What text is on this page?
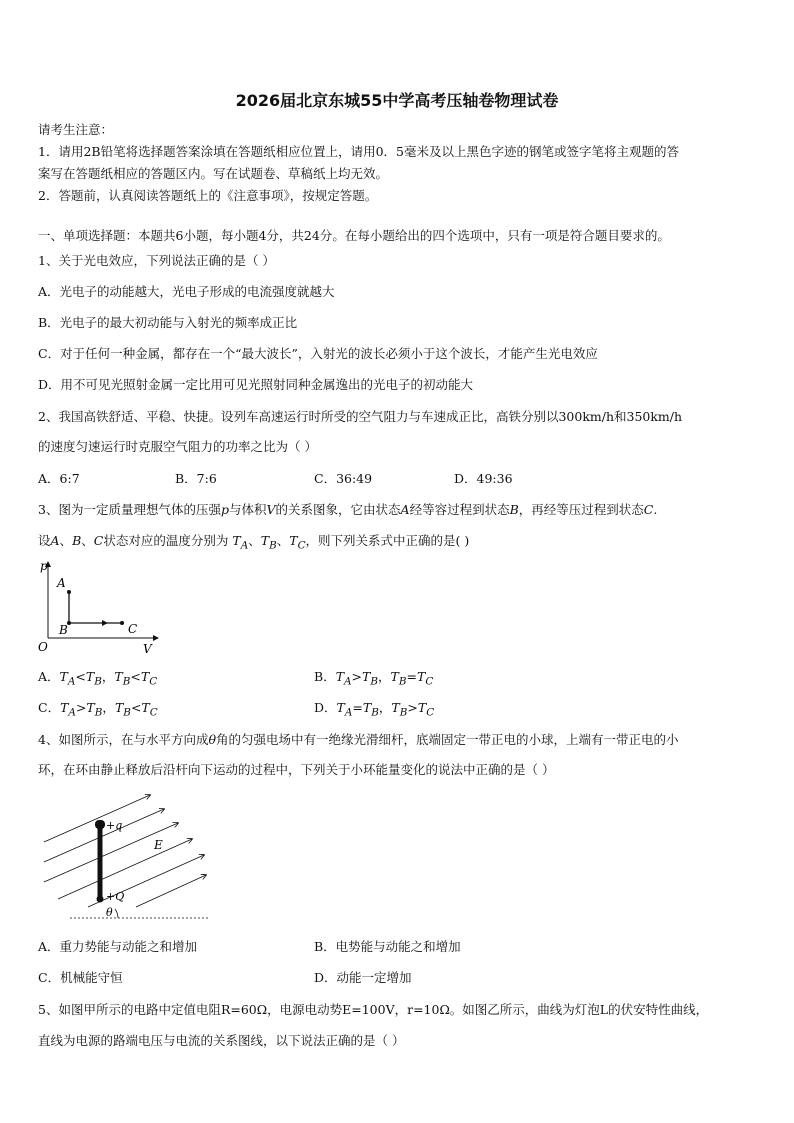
2026届北京东城55中学高考压轴卷物理试卷
请考生注意：
1．请用2B铅笔将选择题答案涂填在答题纸相应位置上，请用0．5毫米及以上黑色字迹的钢笔或签字笔将主观题的答
案写在答题纸相应的答题区内。写在试题卷、草稿纸上均无效。
2．答题前，认真阅读答题纸上的《注意事项》，按规定答题。
一、单项选择题：本题共6小题，每小题4分，共24分。在每小题给出的四个选项中，只有一项是符合题目要求的。
1、关于光电效应，下列说法正确的是（ ）
A．光电子的动能越大，光电子形成的电流强度就越大
B．光电子的最大初动能与入射光的频率成正比
C．对于任何一种金属，都存在一个“最大波长”，入射光的波长必须小于这个波长，才能产生光电效应
D．用不可见光照射金属一定比用可见光照射同种金属逸出的光电子的初动能大
2、我国高铁舒适、平稳、快捷。设列车高速运行时所受的空气阻力与车速成正比，高铁分别以300km/h和350km/h
的速度匀速运行时克服空气阻力的功率之比为（ ）
A．6:7	B．7:6	C．36:49	D．49:36
3、图为一定质量理想气体的压强p与体积V的关系图象，它由状态A经等容过程到状态B，再经等压过程到状态C.
设A、B、C状态对应的温度分别为 $T_A$、$T_B$、$T_C$，则下列关系式中正确的是( )
p
V
O
A
B	C
A．$T_A<T_B$，$T_B<T_C$	B．$T_A>T_B$，$T_B=T_C$
C．$T_A>T_B$，$T_B<T_C$	D．$T_A=T_B$，$T_B>T_C$
4、如图所示，在与水平方向成θ角的匀强电场中有一绝缘光滑细杆，底端固定一带正电的小球，上端有一带正电的小
环，在环由静止释放后沿杆向下运动的过程中，下列关于小环能量变化的说法中正确的是（ ）
+q
+Q
E
θ
A．重力势能与动能之和增加	B．电势能与动能之和增加
C．机械能守恒	D．动能一定增加
5、如图甲所示的电路中定值电阻R=60Ω，电源电动势E=100V，r=10Ω。如图乙所示，曲线为灯泡L的伏安特性曲线，
直线为电源的路端电压与电流的关系图线，以下说法正确的是（ ）
